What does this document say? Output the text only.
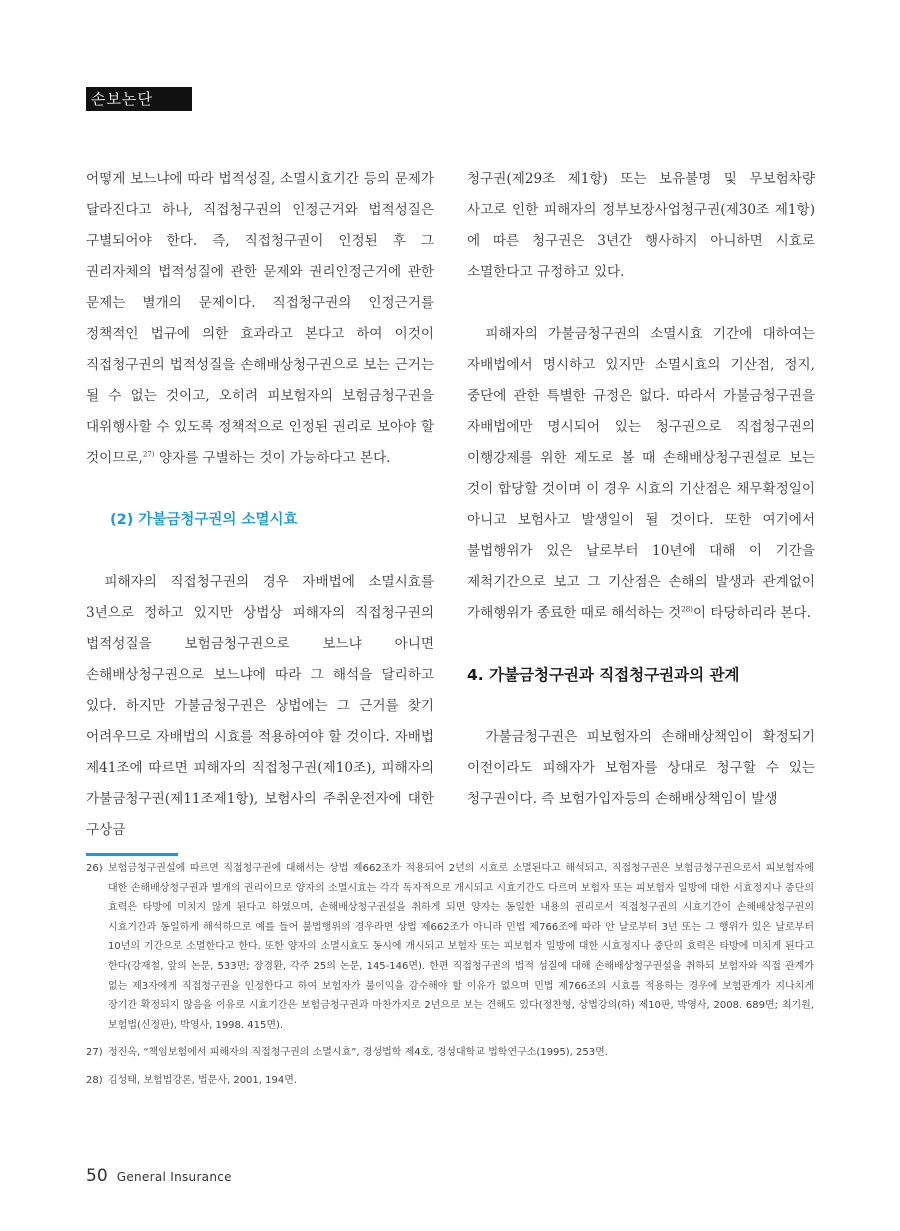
손보논단

어떻게 보느냐에 따라 법적성질, 소멸시효기간 등의 문제가 달라진다고 하나, 직접청구권의 인정근거와 법적성질은 구별되어야 한다. 즉, 직접청구권이 인정된 후 그 권리자체의 법적성질에 관한 문제와 권리인정근거에 관한 문제는 별개의 문제이다. 직접청구권의 인정근거를 정책적인 법규에 의한 효과라고 본다고 하여 이것이 직접청구권의 법적성질을 손해배상청구권으로 보는 근거는 될 수 없는 것이고, 오히려 피보험자의 보험금청구권을 대위행사할 수 있도록 정책적으로 인정된 권리로 보아야 할 것이므로,$^{27)}$ 양자를 구별하는 것이 가능하다고 본다.

(2) 가불금청구권의 소멸시효

피해자의 직접청구권의 경우 자배법에 소멸시효를 3년으로 정하고 있지만 상법상 피해자의 직접청구권의 법적성질을 보험금청구권으로 보느냐 아니면 손해배상청구권으로 보느냐에 따라 그 해석을 달리하고 있다. 하지만 가불금청구권은 상법에는 그 근거를 찾기 어려우므로 자배법의 시효를 적용하여야 할 것이다. 자배법 제41조에 따르면 피해자의 직접청구권(제10조), 피해자의 가불금청구권(제11조제1항), 보험사의 주취운전자에 대한 구상금

청구권(제29조 제1항) 또는 보유불명 및 무보험차량 사고로 인한 피해자의 정부보장사업청구권(제30조 제1항)에 따른 청구권은 3년간 행사하지 아니하면 시효로 소멸한다고 규정하고 있다.

피해자의 가불금청구권의 소멸시효 기간에 대하여는 자배법에서 명시하고 있지만 소멸시효의 기산점, 정지, 중단에 관한 특별한 규정은 없다. 따라서 가불금청구권을 자배법에만 명시되어 있는 청구권으로 직접청구권의 이행강제를 위한 제도로 볼 때 손해배상청구권설로 보는 것이 합당할 것이며 이 경우 시효의 기산점은 채무확정일이 아니고 보험사고 발생일이 될 것이다. 또한 여기에서 불법행위가 있은 날로부터 10년에 대해 이 기간을 제척기간으로 보고 그 기산점은 손해의 발생과 관계없이 가해행위가 종료한 때로 해석하는 것$^{28)}$이 타당하리라 본다.

4. 가불금청구권과 직접청구권과의 관계

가불금청구권은 피보험자의 손해배상책임이 확정되기 이전이라도 피해자가 보험자를 상대로 청구할 수 있는 청구권이다. 즉 보험가입자등의 손해배상책임이 발생

26) 보험금청구권설에 따르면 직접청구권에 대해서는 상법 제662조가 적용되어 2년의 시효로 소멸된다고 해석되고, 직접청구권은 보험금청구권으로서 피보험자에 대한 손해배상청구권과 별개의 권리이므로 양자의 소멸시효는 각각 독자적으로 개시되고 시효기간도 다르며 보험자 또는 피보험자 일방에 대한 시효정지나 중단의 효력은 타방에 미치지 않게 된다고 하였으며, 손해배상청구권설을 취하게 되면 양자는 동일한 내용의 권리로서 직접청구권의 시효기간이 손해배상청구권의 시효기간과 동일하게 해석하므로 예를 들어 불법행위의 경우라면 상법 제662조가 아니라 민법 제766조에 따라 안 날로부터 3년 또는 그 행위가 있은 날로부터 10년의 기간으로 소멸한다고 한다. 또한 양자의 소멸시효도 동시에 개시되고 보험자 또는 피보험자 일방에 대한 시효정지나 중단의 효력은 타방에 미치게 된다고 한다(강재철, 앞의 논문, 533면; 장경환, 각주 25의 논문, 145-146면). 한편 직접청구권의 법적 성질에 대해 손해배상청구권설을 취하되 보험자와 직접 관계가 없는 제3자에게 직접청구권을 인정한다고 하여 보험자가 불이익을 감수해야 할 이유가 없으며 민법 제766조의 시효를 적용하는 경우에 보험관계가 지나치게 장기간 확정되지 않음을 이유로 시효기간은 보험금청구권과 마찬가지로 2년으로 보는 견해도 있다(정찬형, 상법강의(하) 제10판, 박영사, 2008. 689면; 최기원, 보험법(신정판), 박영사, 1998. 415면).
27) 정진옥, “책임보험에서 피해자의 직접청구권의 소멸시효”, 경성법학 제4호, 경성대학교 법학연구소(1995), 253면.
28) 김성태, 보험법강론, 법문사, 2001, 194면.
50 General Insurance
